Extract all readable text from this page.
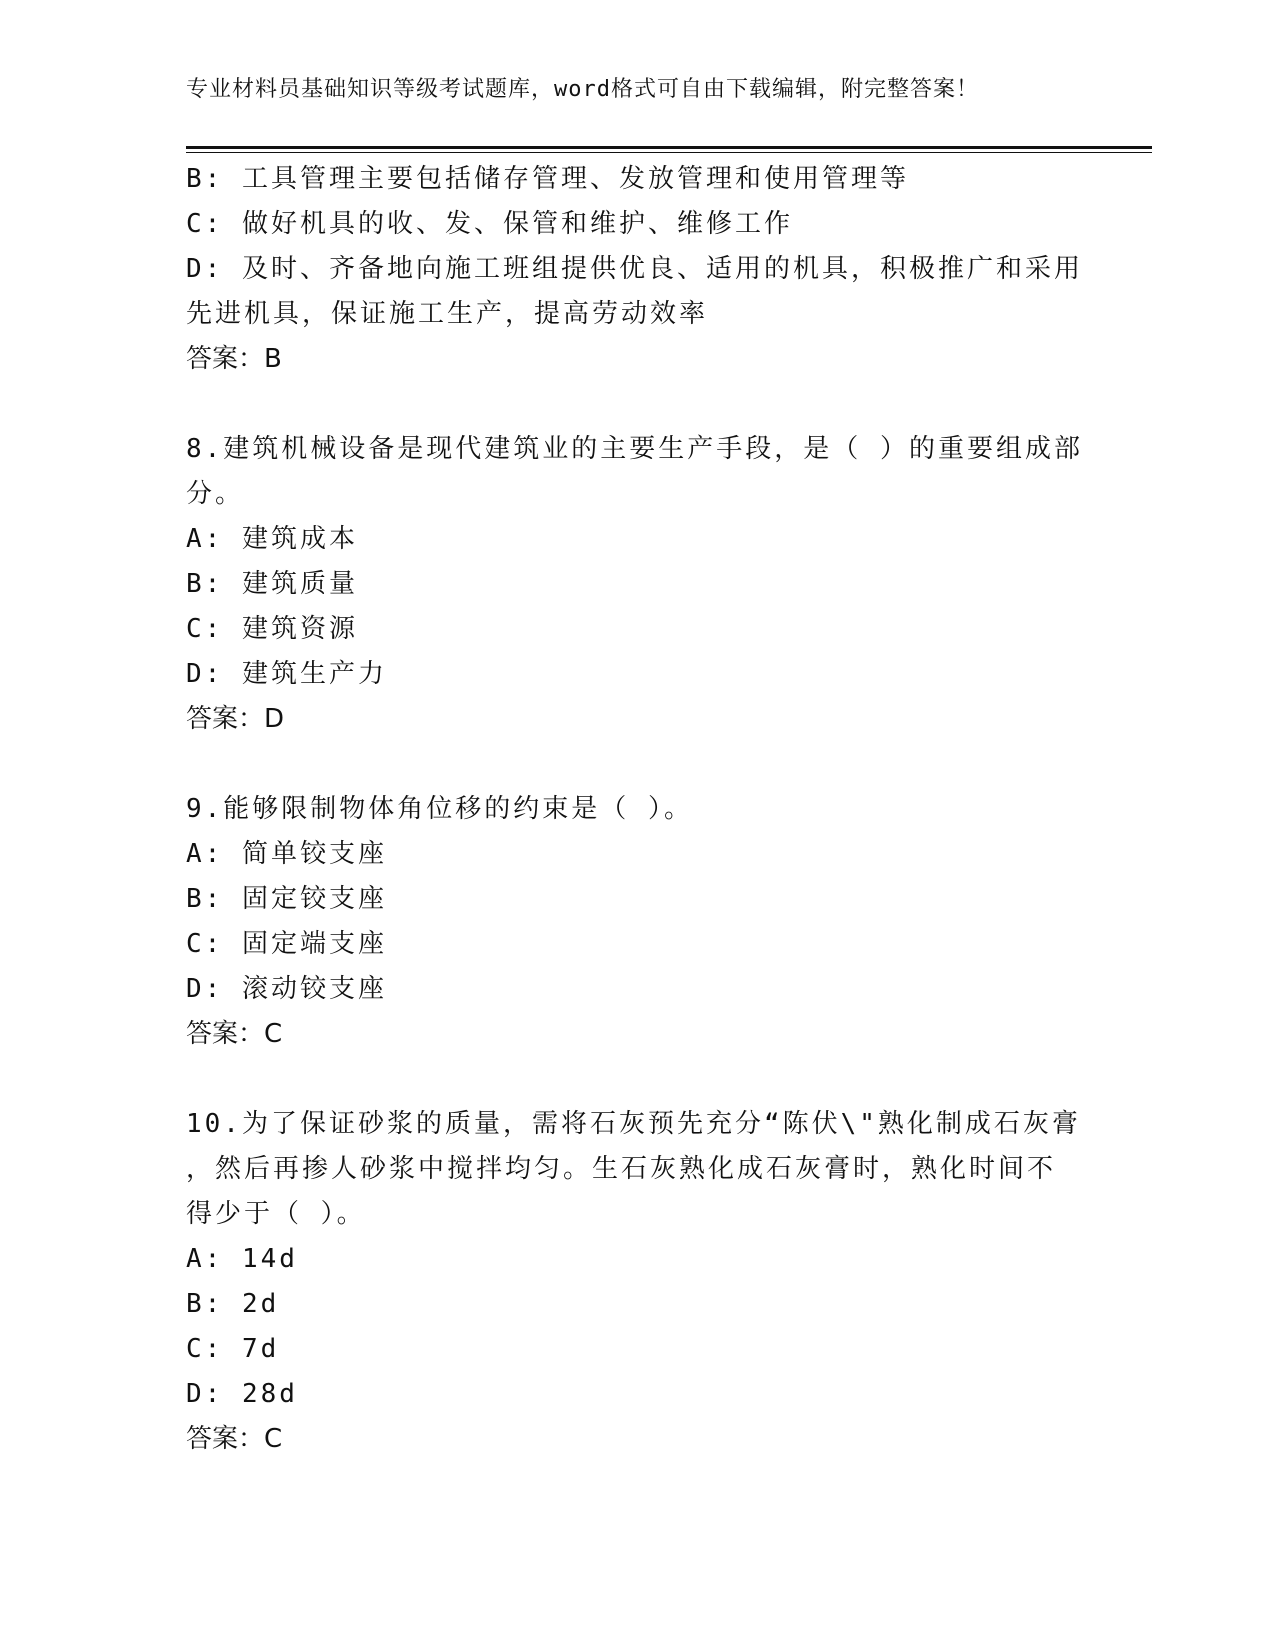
专业材料员基础知识等级考试题库，word格式可自由下载编辑，附完整答案！
B: 工具管理主要包括储存管理、发放管理和使用管理等
C: 做好机具的收、发、保管和维护、维修工作
D: 及时、齐备地向施工班组提供优良、适用的机具，积极推广和采用
先进机具，保证施工生产，提高劳动效率
答案：B
8.建筑机械设备是现代建筑业的主要生产手段，是（ ）的重要组成部
分。
A: 建筑成本
B: 建筑质量
C: 建筑资源
D: 建筑生产力
答案：D
9.能够限制物体角位移的约束是（ ）。
A: 简单铰支座
B: 固定铰支座
C: 固定端支座
D: 滚动铰支座
答案：C
10.为了保证砂浆的质量，需将石灰预先充分“陈伏\"熟化制成石灰膏
，然后再掺人砂浆中搅拌均匀。生石灰熟化成石灰膏时，熟化时间不
得少于（ ）。
A: 14d
B: 2d
C: 7d
D: 28d
答案：C
